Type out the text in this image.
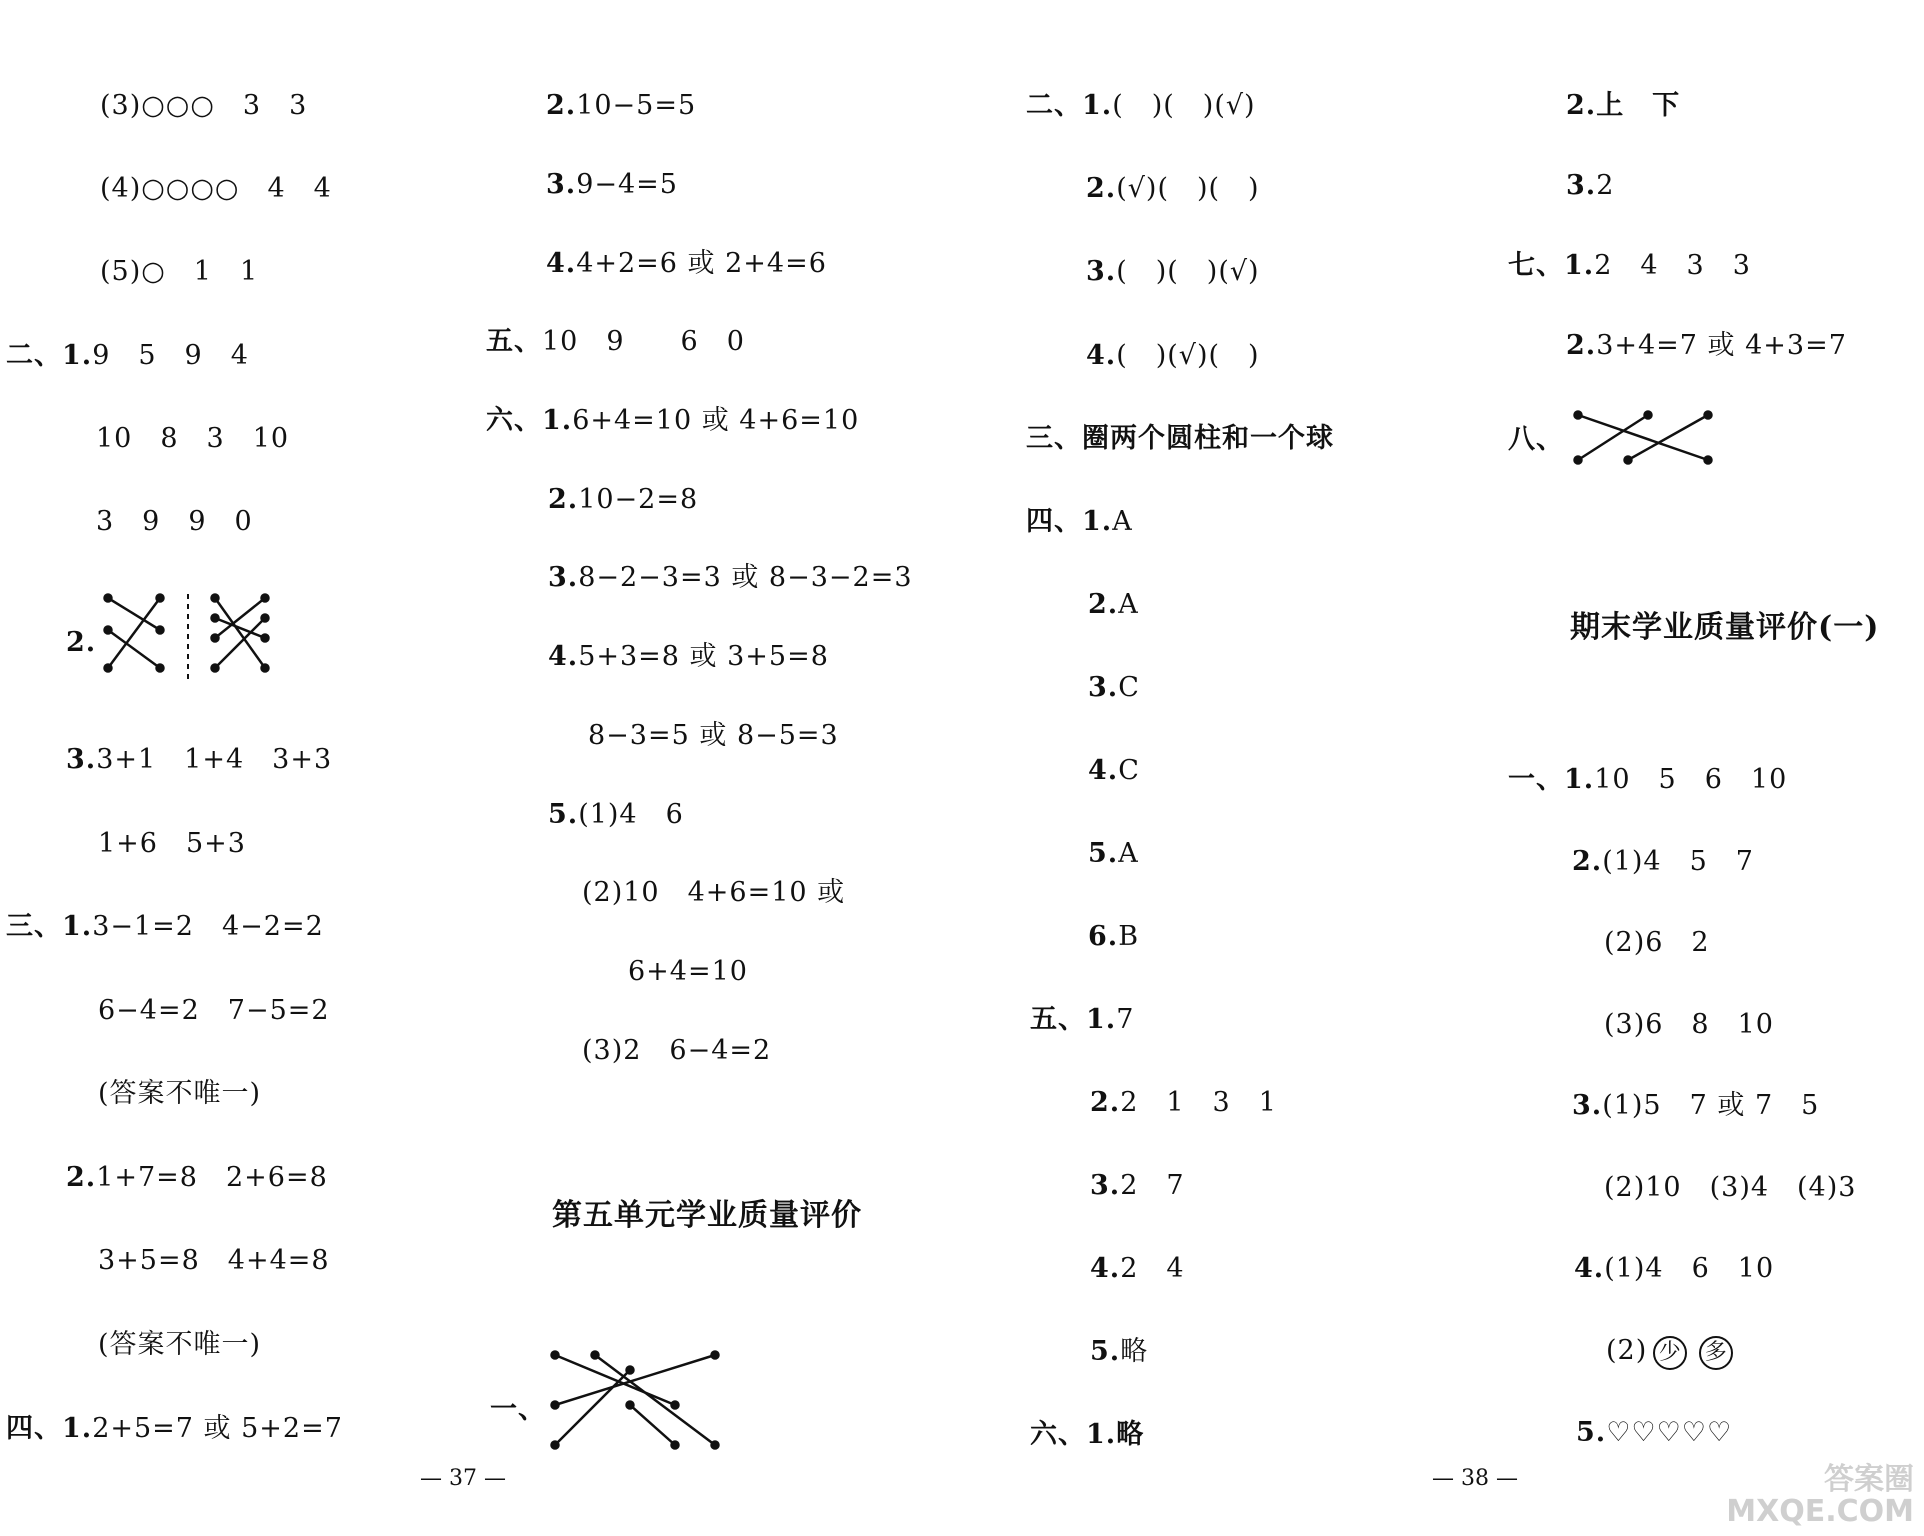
(3)○○○　3　3
(4)○○○○　4　4
(5)○　1　1
二、1.9　5　9　4
10　8　3　10
3　9　9　0
2.
3.3+1　1+4　3+3
1+6　5+3
三、1.3−1=2　4−2=2
6−4=2　7−5=2
(答案不唯一)
2.1+7=8　2+6=8
3+5=8　4+4=8
(答案不唯一)
四、1.2+5=7 或 5+2=7
2.10−5=5
3.9−4=5
4.4+2=6 或 2+4=6
五、10　9　　6　0
六、1.6+4=10 或 4+6=10
2.10−2=8
3.8−2−3=3 或 8−3−2=3
4.5+3=8 或 3+5=8
8−3=5 或 8−5=3
5.(1)4　6
(2)10　4+6=10 或
6+4=10
(3)2　6−4=2
第五单元学业质量评价
一、
— 37 —
二、1.(　)(　)(√)
2.(√)(　)(　)
3.(　)(　)(√)
4.(　)(√)(　)
三、圈两个圆柱和一个球
四、1.A
2.A
3.C
4.C
5.A
6.B
五、1.7
2.2　1　3　1
3.2　7
4.2　4
5.略
六、1.略
2.上　下
3.2
七、1.2　4　3　3
2.3+4=7 或 4+3=7
八、
期末学业质量评价(一)
一、1.10　5　6　10
2.(1)4　5　7
(2)6　2
(3)6　8　10
3.(1)5　7 或 7　5
(2)10　(3)4　(4)3
4.(1)4　6　10
(2) 少 多
5.♡♡♡♡♡
— 38 —	答案圈
MXQE.COM
